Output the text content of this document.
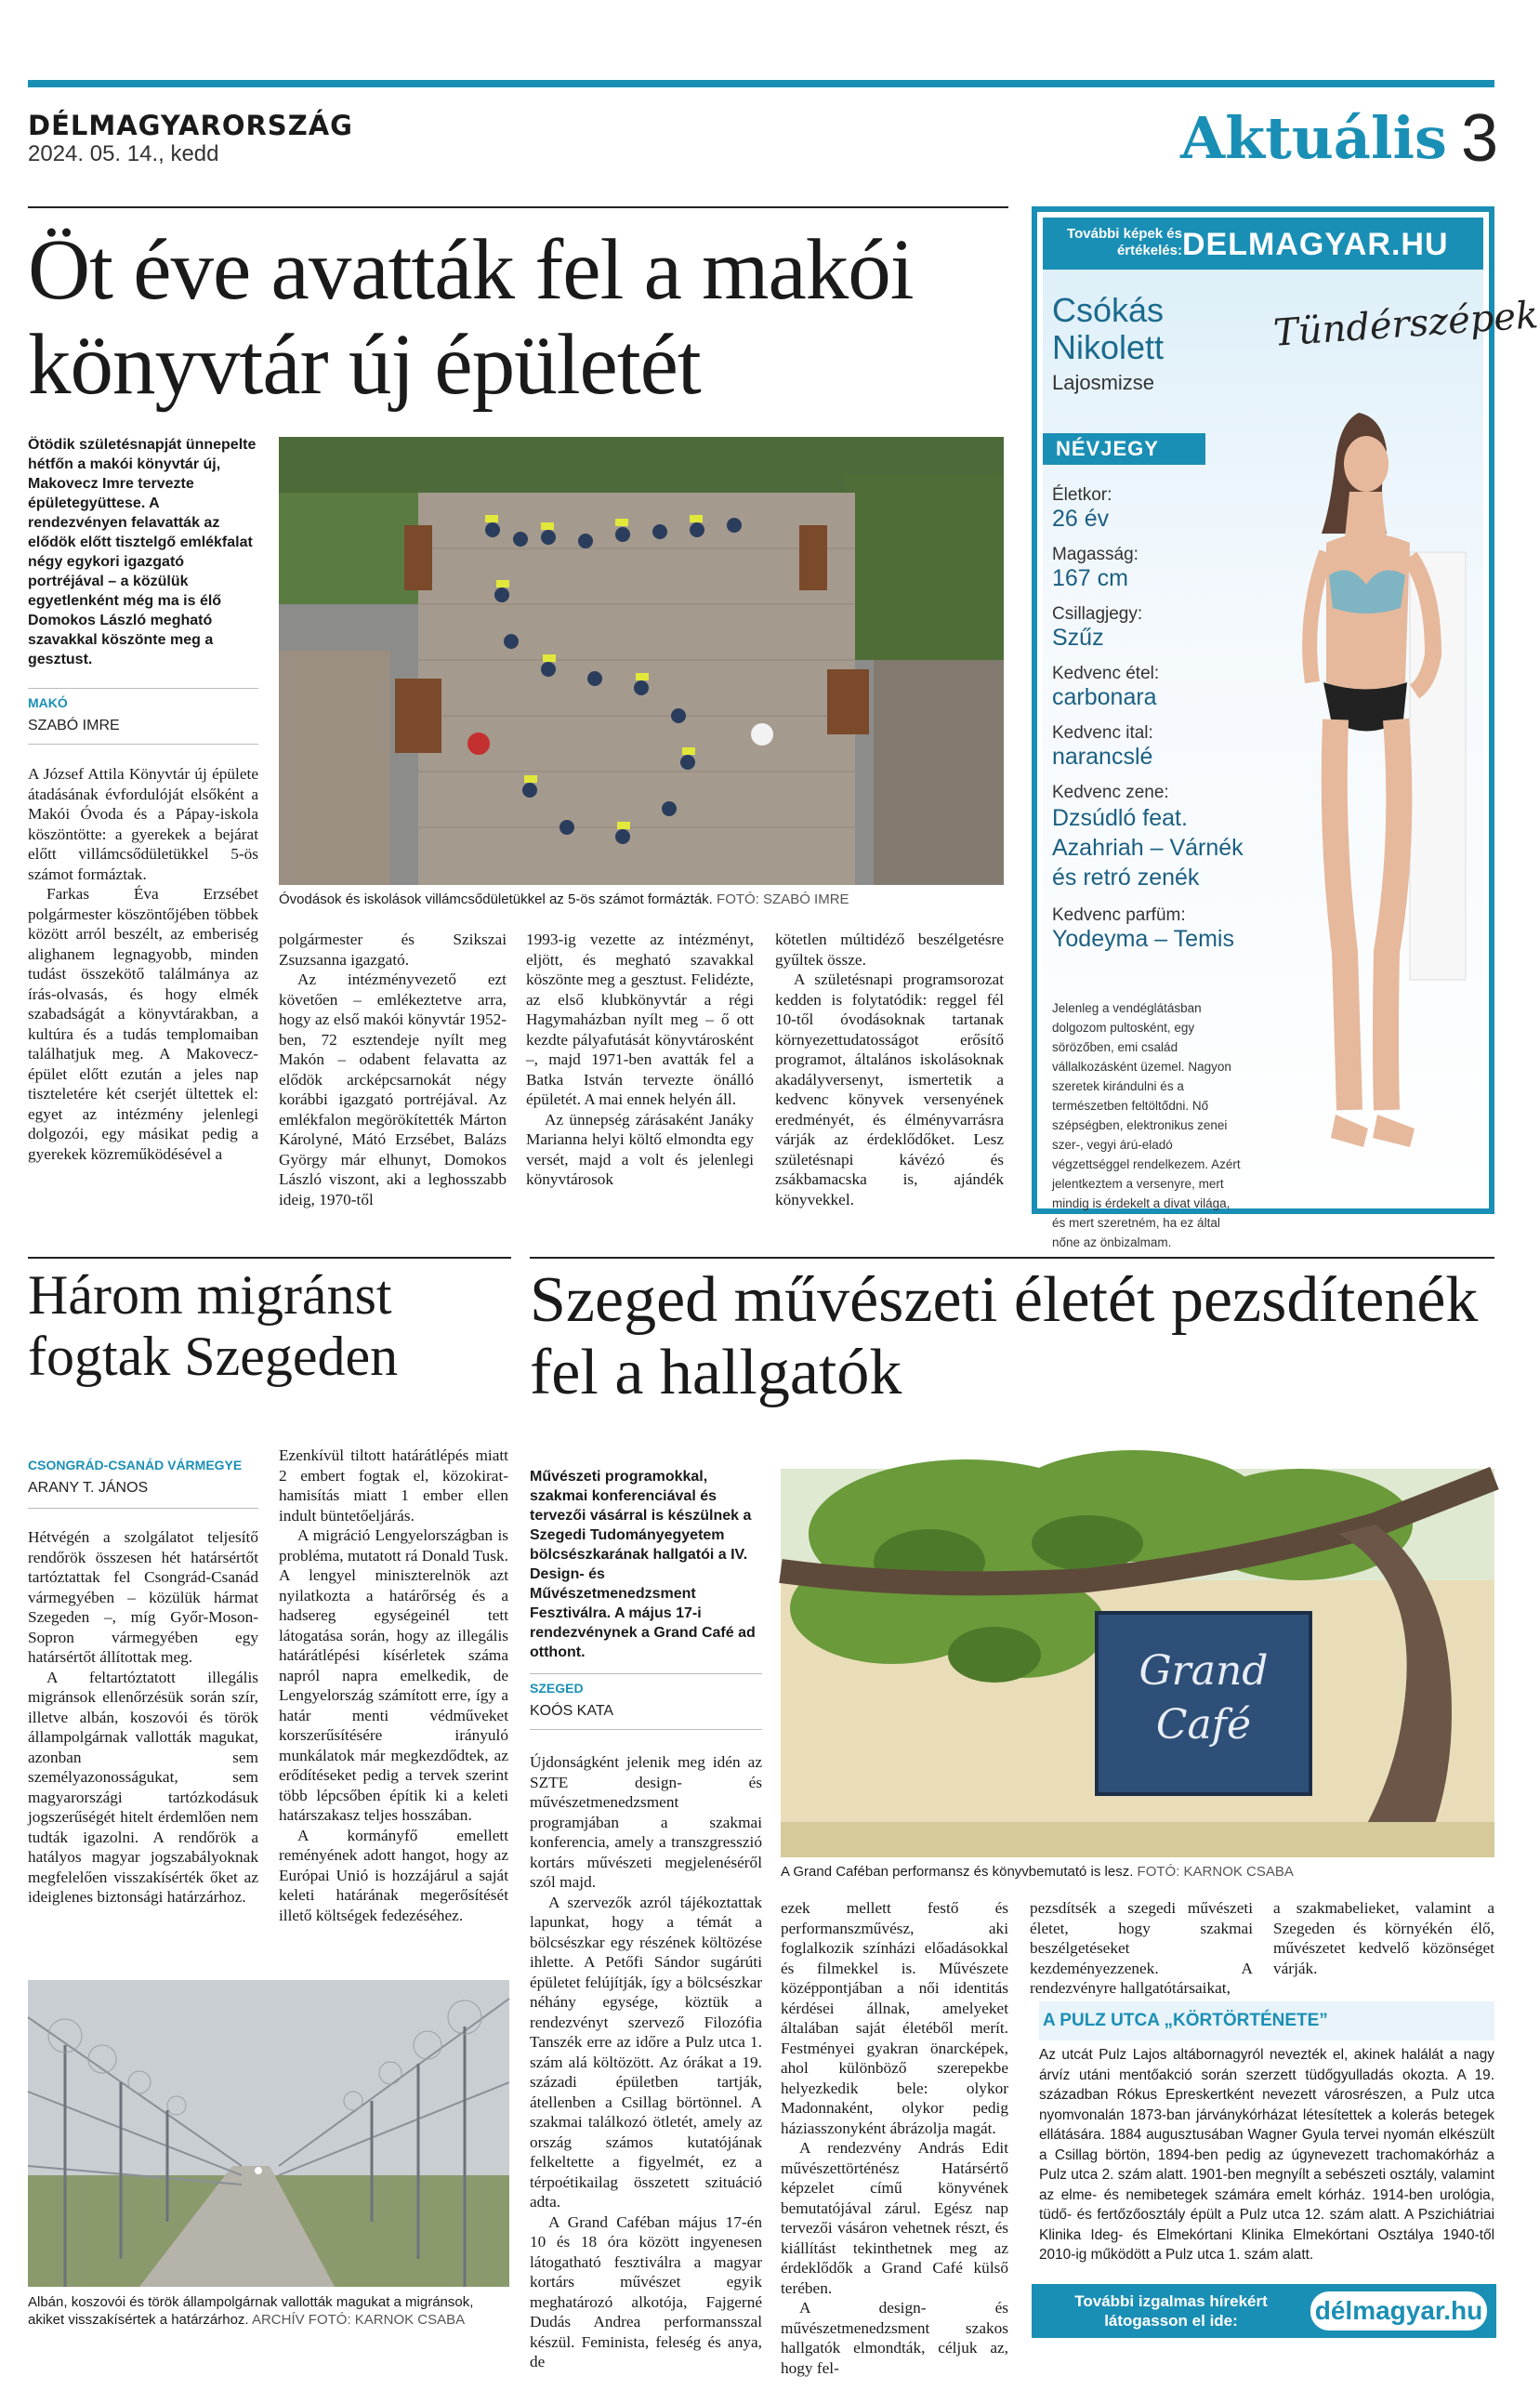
DÉLMAGYARORSZÁG
2024. 05. 14., kedd	Aktuális 3
Öt éve avatták fel a makói könyvtár új épületét
Ötödik születésnapját ünnepelte hétfőn a makói könyvtár új, Makovecz Imre tervezte épületegyüttese. A rendezvényen felavatták az elődök előtt tisztelgő emlékfalat négy egykori igazgató portréjával – a közülük egyetlenként még ma is élő Domokos László megható szavakkal köszönte meg a gesztust.
MAKÓ
SZABÓ IMRE

A József Attila Könyvtár új épülete átadásának évfordulóját elsőként a Makói Óvoda és a Pápay-iskola köszöntötte: a gyerekek a bejárat előtt villámcsődületükkel 5-ös számot formáztak.

Farkas Éva Erzsébet polgármester köszöntőjében többek között arról beszélt, az emberiség alighanem legnagyobb, minden tudást összekötő találmánya az írás-olvasás, és hogy elmék szabadságát a könyvtárakban, a kultúra és a tudás templomaiban találhatjuk meg. A Makovecz-épület előtt ezután a jeles nap tiszteletére két cserjét ültettek el: egyet az intézmény jelenlegi dolgozói, egy másikat pedig a gyerekek közreműködésével a

Óvodások és iskolások villámcsődületükkel az 5-ös számot formázták. FOTÓ: SZABÓ IMRE

polgármester és Szikszai Zsuzsanna igazgató.

Az intézményvezető ezt követően – emlékeztetve arra, hogy az első makói könyvtár 1952-ben, 72 esztendeje nyílt meg Makón – odabent felavatta az elődök arcképcsarnokát négy korábbi igazgató portréjával. Az emlékfalon megörökítették Márton Károlyné, Mátó Erzsébet, Balázs György már elhunyt, Domokos László viszont, aki a leghosszabb ideig, 1970-től

1993-ig vezette az intézményt, eljött, és megható szavakkal köszönte meg a gesztust. Felidézte, az első klubkönyvtár a régi Hagymaházban nyílt meg – ő ott kezdte pályafutását könyvtárosként –, majd 1971-ben avatták fel a Batka István tervezte önálló épületét. A mai ennek helyén áll.

Az ünnepség zárásaként Janáky Marianna helyi költő elmondta egy versét, majd a volt és jelenlegi könyvtárosok

kötetlen múltidéző beszélgetésre gyűltek össze.

A születésnapi programsorozat kedden is folytatódik: reggel fél 10-től óvodásoknak tartanak környezettudatosságot erősítő programot, általános iskolásoknak akadályversenyt, ismertetik a kedvenc könyvek versenyének eredményét, és élményvarrásra várják az érdeklődőket. Lesz születésnapi kávézó és zsákbamacska is, ajándék könyvekkel.

További képek és értékelés: DELMAGYAR.HU
Csókás
Nikolett
Lajosmizse
Tündérszépek
NÉVJEGY
Életkor:
26 év
Magasság:
167 cm
Csillagjegy:
Szűz
Kedvenc étel:
carbonara
Kedvenc ital:
narancslé
Kedvenc zene:
Dzsúdló feat. Azahriah – Várnék és retró zenék
Kedvenc parfüm:
Yodeyma – Temis
Jelenleg a vendéglátásban dolgozom pultosként, egy sörözőben, emi család vállalkozásként üzemel. Nagyon szeretek kirándulni és a természetben feltöltődni. Nő szépségben, elektronikus zenei szer-, vegyi árú-eladó végzettséggel rendelkezem. Azért jelentkeztem a versenyre, mert mindig is érdekelt a divat világa, és mert szeretném, ha ez által nőne az önbizalmam.
Három migránst fogtak Szegeden
CSONGRÁD-CSANÁD VÁRMEGYE
ARANY T. JÁNOS

Hétvégén a szolgálatot teljesítő rendőrök összesen hét határsértőt tartóztattak fel Csongrád-Csanád vármegyében – közülük hármat Szegeden –, míg Győr-Moson-Sopron vármegyében egy határsértőt állítottak meg.

A feltartóztatott illegális migránsok ellenőrzésük során szír, illetve albán, koszovói és török állampolgárnak vallották magukat, azonban sem személyazonosságukat, sem magyarországi tartózkodásuk jogszerűségét hitelt érdemlően nem tudták igazolni. A rendőrök a hatályos magyar jogszabályoknak megfelelően visszakísérték őket az ideiglenes biztonsági határzárhoz.

Ezenkívül tiltott határátlépés miatt 2 embert fogtak el, közokirat-hamisítás miatt 1 ember ellen indult büntetőeljárás.

A migráció Lengyelországban is probléma, mutatott rá Donald Tusk. A lengyel miniszterelnök azt nyilatkozta a határőrség és a hadsereg egységeinél tett látogatása során, hogy az illegális határátlépési kísérletek száma napról napra emelkedik, de Lengyelország számított erre, így a határ menti védműveket korszerűsítésére irányuló munkálatok már megkezdődtek, az erődítéseket pedig a tervek szerint több lépcsőben építik ki a keleti határszakasz teljes hosszában.

A kormányfő emellett reményének adott hangot, hogy az Európai Unió is hozzájárul a saját keleti határának megerősítését illető költségek fedezéséhez.

Albán, koszovói és török állampolgárnak vallották magukat a migránsok, akiket visszakísértek a határzárhoz. ARCHÍV FOTÓ: KARNOK CSABA
Szeged művészeti életét pezsdítenék fel a hallgatók
Művészeti programokkal, szakmai konferenciával és tervezői vásárral is készülnek a Szegedi Tudományegyetem bölcsészkarának hallgatói a IV. Design- és Művészetmenedzsment Fesztiválra. A május 17-i rendezvénynek a Grand Café ad otthont.
SZEGED
KOÓS KATA

Újdonságként jelenik meg idén az SZTE design- és művészetmenedzsment programjában a szakmai konferencia, amely a transzgresszió kortárs művészeti megjelenéséről szól majd.

A szervezők azról tájékoztattak lapunkat, hogy a témát a bölcsészkar egy részének költözése ihlette. A Petőfi Sándor sugárúti épületet felújítják, így a bölcsészkar néhány egysége, köztük a rendezvényt szervező Filozófia Tanszék erre az időre a Pulz utca 1. szám alá költözött. Az órákat a 19. századi épületben tartják, átellenben a Csillag börtönnel. A szakmai találkozó ötletét, amely az ország számos kutatójának felkeltette a figyelmét, ez a térpoétikailag összetett szituáció adta.

A Grand Caféban május 17-én 10 és 18 óra között ingyenesen látogatható fesztiválra a magyar kortárs művészet egyik meghatározó alkotója, Fajgerné Dudás Andrea performansszal készül. Feminista, feleség és anya, de

Grand
Café
A Grand Caféban performansz és könyvbemutató is lesz. FOTÓ: KARNOK CSABA

ezek mellett festő és performanszművész, aki foglalkozik színházi előadásokkal és filmekkel is. Művészete középpontjában a női identitás kérdései állnak, amelyeket általában saját életéből merít. Festményei gyakran önarcképek, ahol különböző szerepekbe helyezkedik bele: olykor Madonnaként, olykor pedig háziasszonyként ábrázolja magát.

A rendezvény András Edit művészettörténész Határsértő képzelet című könyvének bemutatójával zárul. Egész nap tervezői vásáron vehetnek részt, és kiállítást tekinthetnek meg az érdeklődők a Grand Café külső terében.

A design- és művészetmenedzsment szakos hallgatók elmondták, céljuk az, hogy fel-

pezsdítsék a szegedi művészeti életet, hogy szakmai beszélgetéseket kezdeményezzenek. A rendezvényre hallgatótársaikat,

a szakmabelieket, valamint a Szegeden és környékén élő, művészetet kedvelő közönséget várják.

A PULZ UTCA „KÖRTÖRTÉNETE”
Az utcát Pulz Lajos altábornagyról nevezték el, akinek halálát a nagy árvíz utáni mentőakció során szerzett tüdőgyulladás okozta. A 19. században Rókus Epreskertként nevezett városrészen, a Pulz utca nyomvonalán 1873-ban járványkórházat létesítettek a kolerás betegek ellátására. 1884 augusztusában Wagner Gyula tervei nyomán elkészült a Csillag börtön, 1894-ben pedig az úgynevezett trachomakórház a Pulz utca 2. szám alatt. 1901-ben megnyílt a sebészeti osztály, valamint az elme- és nemibetegek számára emelt kórház. 1914-ben urológia, tüdő- és fertőzőosztály épült a Pulz utca 12. szám alatt. A Pszichiátriai Klinika Ideg- és Elmekórtani Klinika Elmekórtani Osztálya 1940-től 2010-ig működött a Pulz utca 1. szám alatt.
További izgalmas hírekért látogasson el ide:	délmagyar.hu
